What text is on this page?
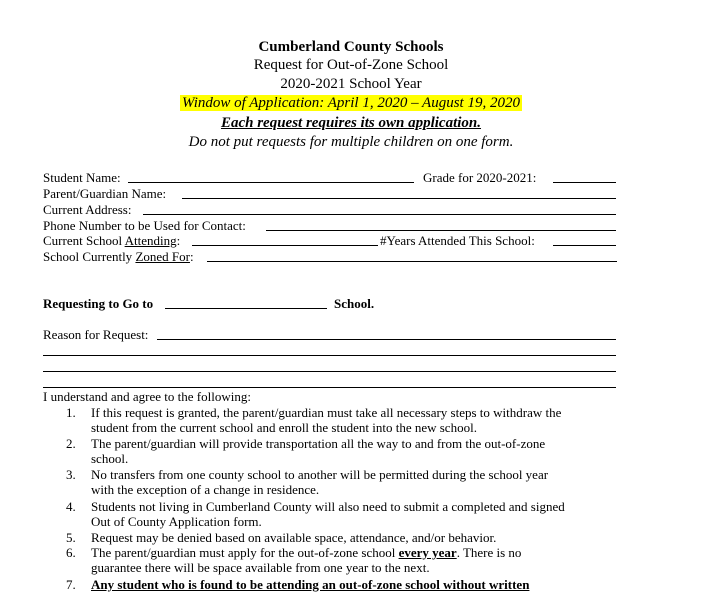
Cumberland County Schools
Request for Out-of-Zone School
2020-2021 School Year
Window of Application: April 1, 2020 – August 19, 2020
Each request requires its own application.
Do not put requests for multiple children on one form.
Student Name:	Grade for 2020-2021:
Parent/Guardian Name:
Current Address:
Phone Number to be Used for Contact:
Current School Attending:	#Years Attended This School:
School Currently Zoned For:
Requesting to Go to	School.
Reason for Request:
I understand and agree to the following:
1.	If this request is granted, the parent/guardian must take all necessary steps to withdraw the
student from the current school and enroll the student into the new school.
2.	The parent/guardian will provide transportation all the way to and from the out-of-zone
school.
3.	No transfers from one county school to another will be permitted during the school year
with the exception of a change in residence.
4.	Students not living in Cumberland County will also need to submit a completed and signed
Out of County Application form.
5.	Request may be denied based on available space, attendance, and/or behavior.
6.	The parent/guardian must apply for the out-of-zone school every year. There is no
guarantee there will be space available from one year to the next.
7.	Any student who is found to be attending an out-of-zone school without written
